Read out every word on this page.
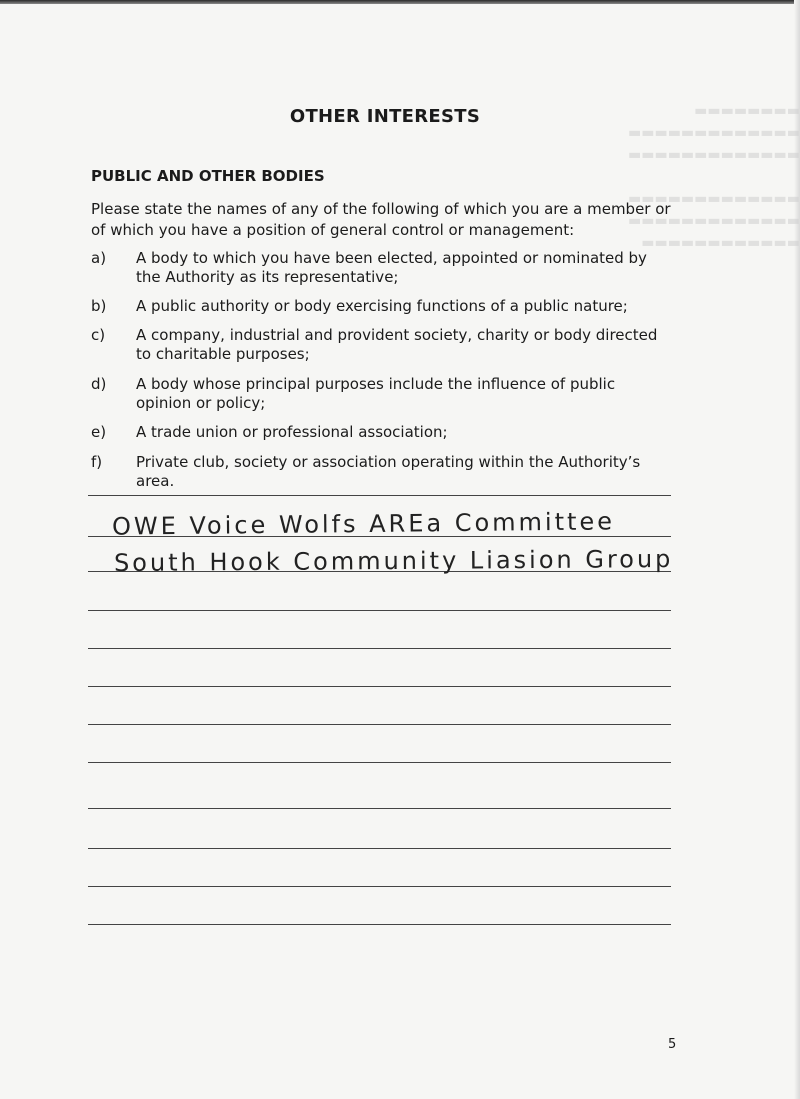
▬▬▬▬▬▬▬▬
▬▬▬▬▬▬▬▬▬▬▬▬▬
▬▬▬▬▬▬▬▬▬▬▬▬▬

▬▬▬▬▬▬▬▬▬▬▬▬▬
▬▬▬▬▬▬▬▬▬▬▬▬▬
▬▬▬▬▬▬▬▬▬▬▬▬
OTHER INTERESTS
PUBLIC AND OTHER BODIES
Please state the names of any of the following of which you are a member or of which you have a position of general control or management:
a) A body to which you have been elected, appointed or nominated by the Authority as its representative;
b) A public authority or body exercising functions of a public nature;
c) A company, industrial and provident society, charity or body directed to charitable purposes;
d) A body whose principal purposes include the influence of public opinion or policy;
e) A trade union or professional association;
f) Private club, society or association operating within the Authority’s area.
OWE Voice Wolfs AREa Committee
South Hook Community Liasion Group
5
